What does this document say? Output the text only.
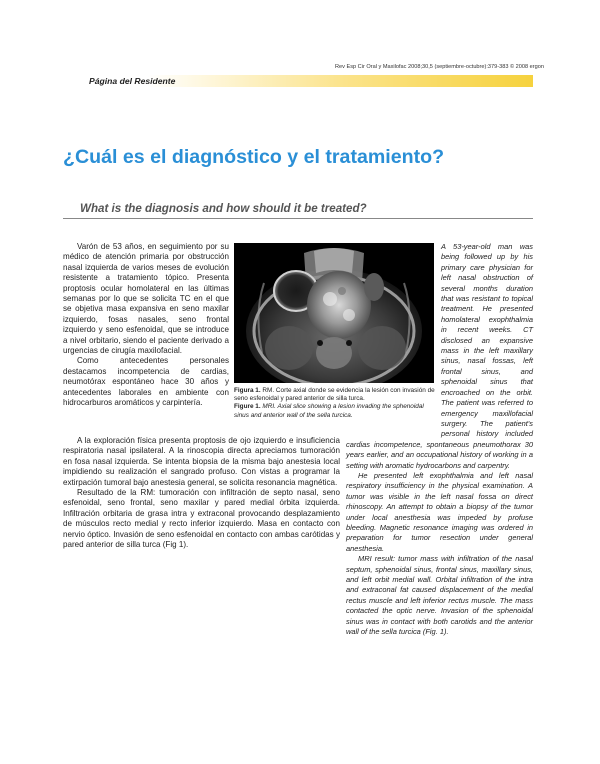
Rev Esp Cir Oral y Maxilofac 2008;30,5 (septiembre-octubre):379-383 © 2008 ergon
Página del Residente
¿Cuál es el diagnóstico y el tratamiento?
What is the diagnosis and how should it be treated?

Varón de 53 años, en seguimiento por su médico de atención primaria por obstrucción nasal izquierda de varios meses de evolución resistente a tratamiento tópico. Presenta proptosis ocular homolateral en las últimas semanas por lo que se solicita TC en el que se objetiva masa expansiva en seno maxilar izquierdo, fosas nasales, seno frontal izquierdo y seno esfenoidal, que se introduce a nivel orbitario, siendo el paciente derivado a urgencias de cirugía maxilofacial.

Como antecedentes personales destacamos incompetencia de cardias, neumotórax espontáneo hace 30 años y antecedentes laborales en ambiente con hidrocarburos aromáticos y carpintería.

A la exploración física presenta proptosis de ojo izquierdo e insuficiencia respiratoria nasal ipsilateral. A la rinoscopia directa apreciamos tumoración en fosa nasal izquierda. Se intenta biopsia de la misma bajo anestesia local impidiendo su realización el sangrado profuso. Con vistas a programar la extirpación tumoral bajo anestesia general, se solicita resonancia magnética.

Resultado de la RM: tumoración con infiltración de septo nasal, seno esfenoidal, seno frontal, seno maxilar y pared medial órbita izquierda. Infiltración orbitaria de grasa intra y extraconal provocando desplazamiento de músculos recto medial y recto inferior izquierdo. Masa en contacto con nervio óptico. Invasión de seno esfenoidal en contacto con ambas carótidas y pared anterior de silla turca (Fig 1).

Figura 1. RM. Corte axial donde se evidencia la lesión con invasión de seno esfenoidal y pared anterior de silla turca.

Figure 1. MRI. Axial slice showing a lesion invading the sphenoidal sinus and anterior wall of the sella turcica.

A 53-year-old man was being followed up by his primary care physician for left nasal obstruction of several months duration that was resistant to topical treatment. He presented homolateral exophthalmia in recent weeks. CT disclosed an expansive mass in the left maxillary sinus, nasal fossas, left frontal sinus, and sphenoidal sinus that encroached on the orbit. The patient was referred to emergency maxillofacial surgery. The patient's personal history included cardias incompetence, spontaneous pneumothorax 30 years earlier, and an occupational history of working in a setting with aromatic hydrocarbons and carpentry.

He presented left exophthalmia and left nasal respiratory insufficiency in the physical examination. A tumor was visible in the left nasal fossa on direct rhinoscopy. An attempt to obtain a biopsy of the tumor under local anesthesia was impeded by profuse bleeding. Magnetic resonance imaging was ordered in preparation for tumor resection under general anesthesia.

MRI result: tumor mass with infiltration of the nasal septum, sphenoidal sinus, frontal sinus, maxillary sinus, and left orbit medial wall. Orbital infiltration of the intra and extraconal fat caused displacement of the medial rectus muscle and left inferior rectus muscle. The mass contacted the optic nerve. Invasion of the sphenoidal sinus was in contact with both carotids and the anterior wall of the sella turcica (Fig. 1).
